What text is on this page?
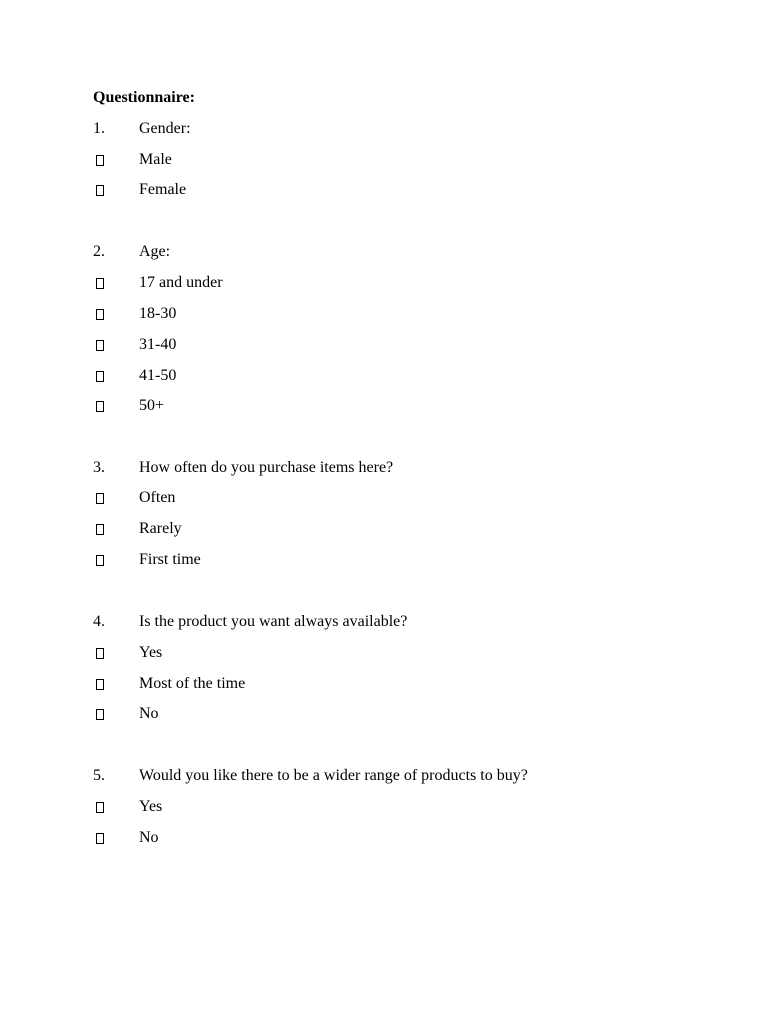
Questionnaire:
1. Gender:
Male
Female
2. Age:
17 and under
18-30
31-40
41-50
50+
3. How often do you purchase items here?
Often
Rarely
First time
4. Is the product you want always available?
Yes
Most of the time
No
5. Would you like there to be a wider range of products to buy?
Yes
No
